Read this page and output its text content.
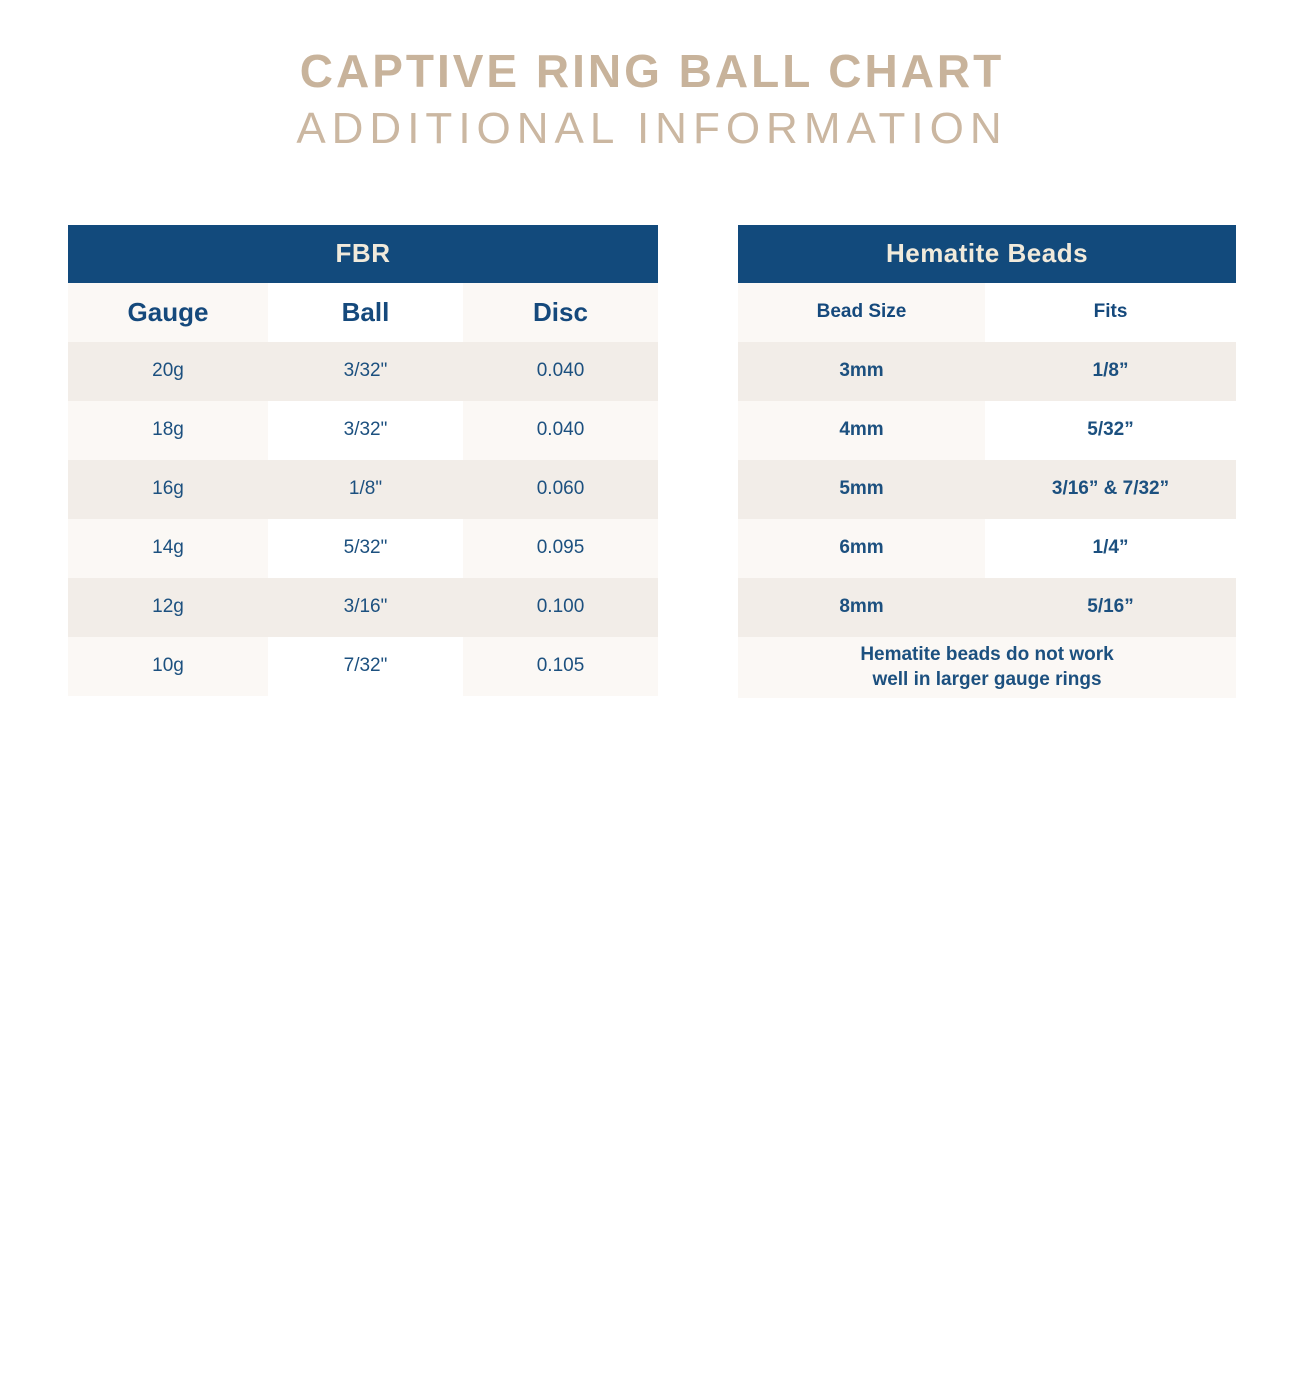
CAPTIVE RING BALL CHART
ADDITIONAL INFORMATION
FBR
Gauge	Ball	Disc
20g	3/32"	0.040
18g	3/32"	0.040
16g	1/8"	0.060
14g	5/32"	0.095
12g	3/16"	0.100
10g	7/32"	0.105
Hematite Beads
Bead Size	Fits
3mm	1/8”
4mm	5/32”
5mm	3/16” & 7/32”
6mm	1/4”
8mm	5/16”
Hematite beads do not work
well in larger gauge rings
